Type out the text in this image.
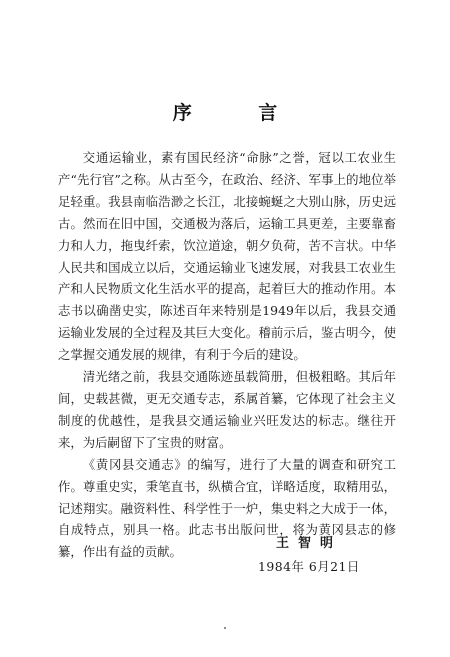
序 言

交通运输业，素有国民经济“命脉”之誉，冠以工农业生产“先行官”之称。从古至今，在政治、经济、军事上的地位举足轻重。我县南临浩渺之长江，北接蜿蜒之大别山脉，历史远古。然而在旧中国，交通极为落后，运输工具更差，主要靠畜力和人力，拖曳纤索，饮泣道途，朝夕负荷，苦不言状。中华人民共和国成立以后，交通运输业飞速发展，对我县工农业生产和人民物质文化生活水平的提高，起着巨大的推动作用。本志书以确凿史实，陈述百年来特别是1949年以后，我县交通运输业发展的全过程及其巨大变化。稽前示后，鉴古明今，使之掌握交通发展的规律，有利于今后的建设。

清光绪之前，我县交通陈迹虽载简册，但极粗略。其后年间，史载甚微，更无交通专志，系属首纂，它体现了社会主义制度的优越性，是我县交通运输业兴旺发达的标志。继往开来，为后嗣留下了宝贵的财富。

《黄冈县交通志》的编写，进行了大量的调查和研究工作。尊重史实，秉笔直书，纵横合宜，详略适度，取精用弘，记述翔实。融资料性、科学性于一炉，集史料之大成于一体，自成特点，别具一格。此志书出版问世，将为黄冈县志的修纂，作出有益的贡献。

王智明
1984年 6月21日
